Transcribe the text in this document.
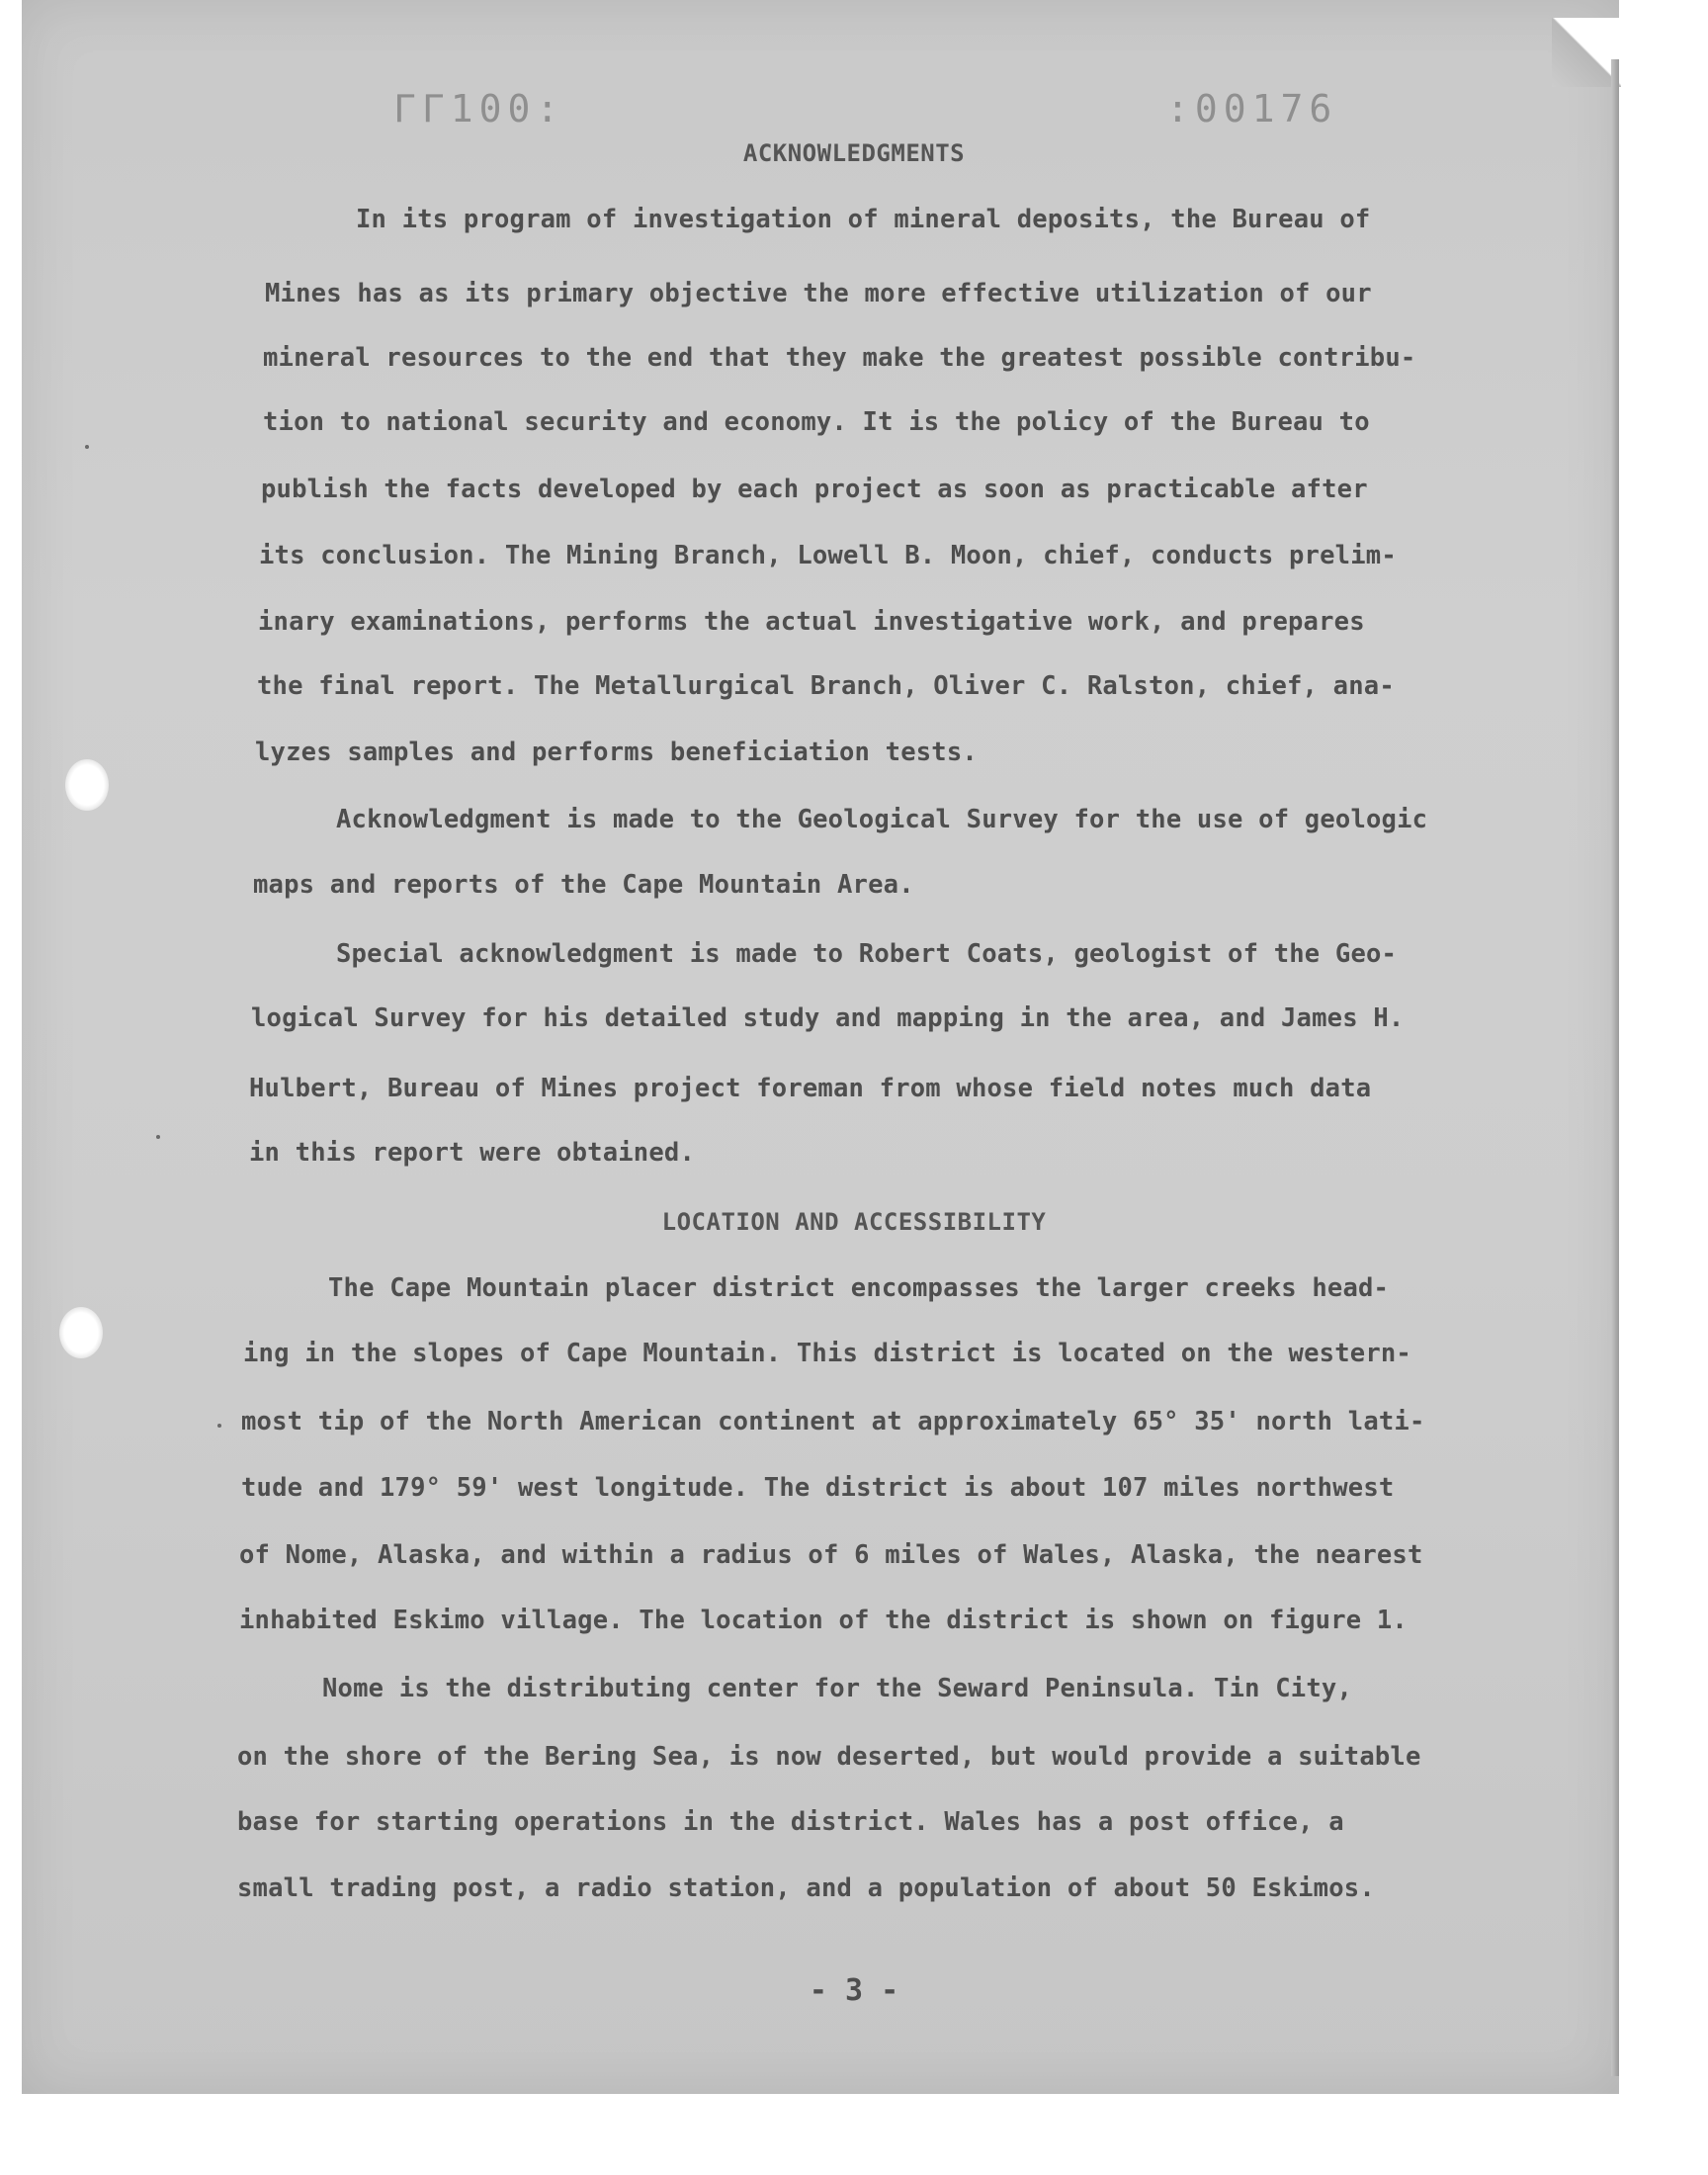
ΓΓ100:	:00176
ACKNOWLEDGMENTS
In its program of investigation of mineral deposits, the Bureau of
Mines has as its primary objective the more effective utilization of our
mineral resources to the end that they make the greatest possible contribu-
tion to national security and economy. It is the policy of the Bureau to
publish the facts developed by each project as soon as practicable after
its conclusion. The Mining Branch, Lowell B. Moon, chief, conducts prelim-
inary examinations, performs the actual investigative work, and prepares
the final report. The Metallurgical Branch, Oliver C. Ralston, chief, ana-
lyzes samples and performs beneficiation tests.
Acknowledgment is made to the Geological Survey for the use of geologic
maps and reports of the Cape Mountain Area.
Special acknowledgment is made to Robert Coats, geologist of the Geo-
logical Survey for his detailed study and mapping in the area, and James H.
Hulbert, Bureau of Mines project foreman from whose field notes much data
in this report were obtained.
LOCATION AND ACCESSIBILITY
The Cape Mountain placer district encompasses the larger creeks head-
ing in the slopes of Cape Mountain. This district is located on the western-
most tip of the North American continent at approximately 65° 35' north lati-
tude and 179° 59' west longitude. The district is about 107 miles northwest
of Nome, Alaska, and within a radius of 6 miles of Wales, Alaska, the nearest
inhabited Eskimo village. The location of the district is shown on figure 1.
Nome is the distributing center for the Seward Peninsula. Tin City,
on the shore of the Bering Sea, is now deserted, but would provide a suitable
base for starting operations in the district. Wales has a post office, a
small trading post, a radio station, and a population of about 50 Eskimos.
- 3 -
